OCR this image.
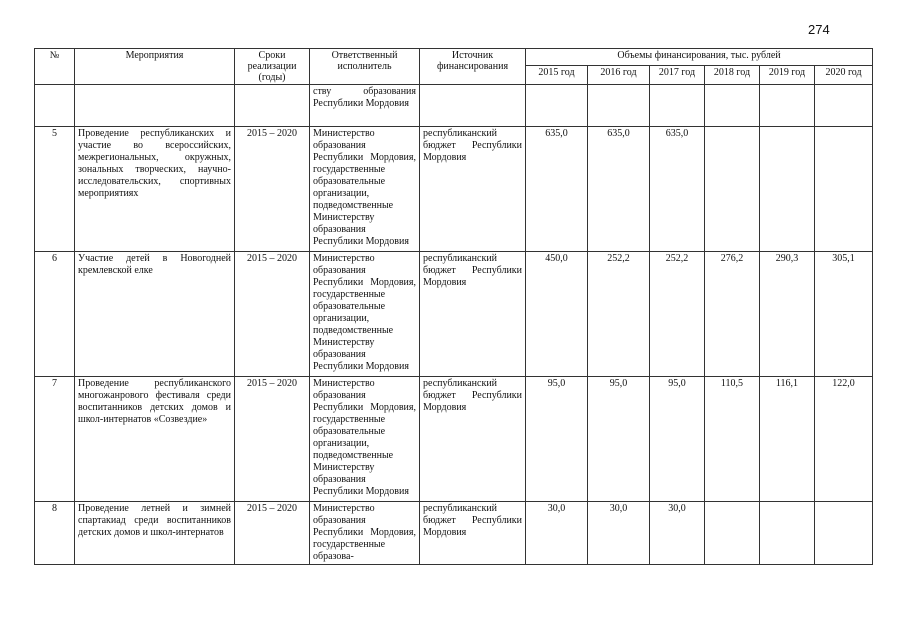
274
№	Мероприятия	Сроки реализации (годы)	Ответственный исполнитель	Источник финансирования	Объемы финансирования, тыс. рублей					
					2015 год	2016 год	2017 год	2018 год	2019 год	2020 год
			ству образования Республики Мордовия							
5	Проведение республиканских и участие во всероссийских, межрегиональных, окружных, зональных творческих, научно-исследовательских, спортивных мероприятиях	2015 – 2020	Министерство образования Республики Мордовия, государственные образовательные организации, подведомственные Министерству образования Республики Мордовия	республиканский бюджет Республики Мордовия	635,0	635,0	635,0			
6	Участие детей в Новогодней кремлевской елке	2015 – 2020	Министерство образования Республики Мордовия, государственные образовательные организации, подведомственные Министерству образования Республики Мордовия	республиканский бюджет Республики Мордовия	450,0	252,2	252,2	276,2	290,3	305,1
7	Проведение республиканского многожанрового фестиваля среди воспитанников детских домов и школ-интернатов «Созвездие»	2015 – 2020	Министерство образования Республики Мордовия, государственные образовательные организации, подведомственные Министерству образования Республики Мордовия	республиканский бюджет Республики Мордовия	95,0	95,0	95,0	110,5	116,1	122,0
8	Проведение летней и зимней спартакиад среди воспитанников детских домов и школ-интернатов	2015 – 2020	Министерство образования Республики Мордовия, государственные образова-	республиканский бюджет Республики Мордовия	30,0	30,0	30,0			
